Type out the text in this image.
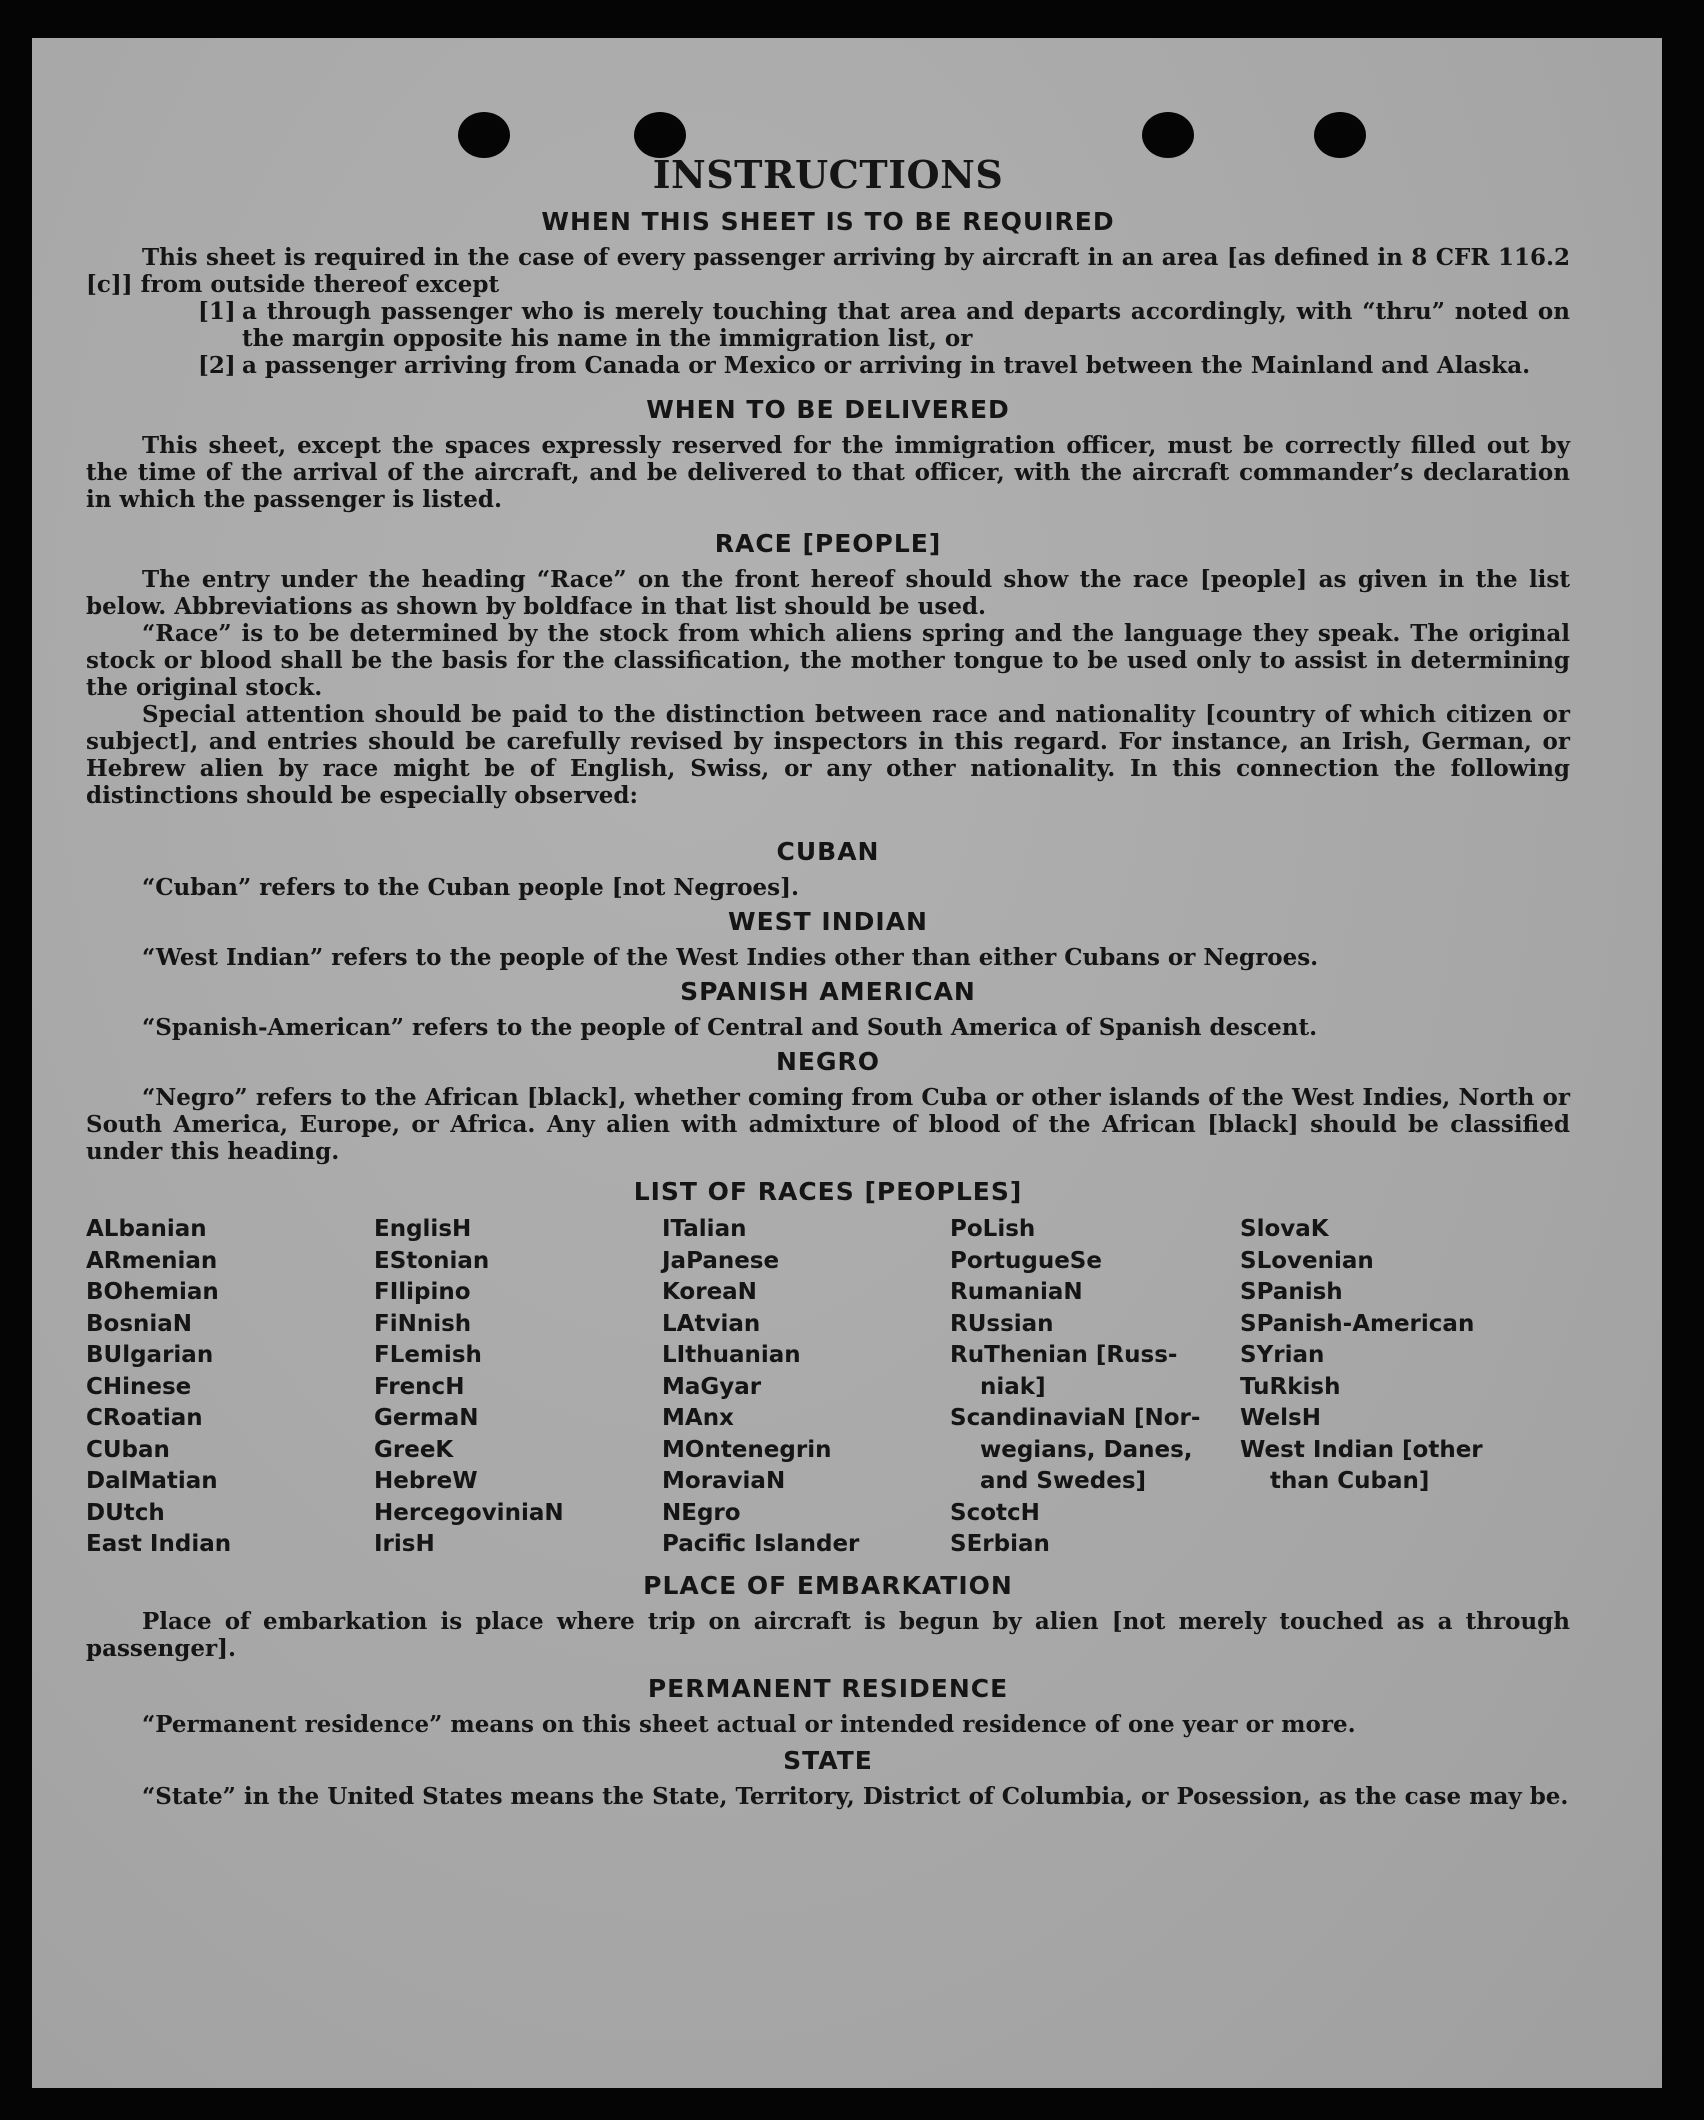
INSTRUCTIONS
WHEN THIS SHEET IS TO BE REQUIRED

This sheet is required in the case of every passenger arriving by aircraft in an area [as defined in 8 CFR 116.2 [c]] from outside thereof except

[1] a through passenger who is merely touching that area and departs accordingly, with “thru” noted on the margin opposite his name in the immigration list, or
[2] a passenger arriving from Canada or Mexico or arriving in travel between the Mainland and Alaska.
WHEN TO BE DELIVERED

This sheet, except the spaces expressly reserved for the immigration officer, must be correctly filled out by the time of the arrival of the aircraft, and be delivered to that officer, with the aircraft commander’s declaration in which the passenger is listed.

RACE [PEOPLE]

The entry under the heading “Race” on the front hereof should show the race [people] as given in the list below. Abbreviations as shown by boldface in that list should be used.

“Race” is to be determined by the stock from which aliens spring and the language they speak. The original stock or blood shall be the basis for the classification, the mother tongue to be used only to assist in determining the original stock.

Special attention should be paid to the distinction between race and nationality [country of which citizen or subject], and entries should be carefully revised by inspectors in this regard. For instance, an Irish, German, or Hebrew alien by race might be of English, Swiss, or any other nationality. In this connection the following distinctions should be especially observed:

CUBAN

“Cuban” refers to the Cuban people [not Negroes].

WEST INDIAN

“West Indian” refers to the people of the West Indies other than either Cubans or Negroes.

SPANISH AMERICAN

“Spanish-American” refers to the people of Central and South America of Spanish descent.

NEGRO

“Negro” refers to the African [black], whether coming from Cuba or other islands of the West Indies, North or South America, Europe, or Africa. Any alien with admixture of blood of the African [black] should be classified under this heading.

LIST OF RACES [PEOPLES]
ALbanian	EnglisH	ITalian	PoLish	SlovaK
ARmenian	EStonian	JaPanese	PortugueSe	SLovenian
BOhemian	FIlipino	KoreaN	RumaniaN	SPanish
BosniaN	FiNnish	LAtvian	RUssian	SPanish-American
BUlgarian	FLemish	LIthuanian	RuThenian [Russ-	SYrian
CHinese	FrencH	MaGyar	niak]	TuRkish
CRoatian	GermaN	MAnx	ScandinaviaN [Nor-	WelsH
CUban	GreeK	MOntenegrin	wegians, Danes,	West Indian [other
DalMatian	HebreW	MoraviaN	and Swedes]	than Cuban]
DUtch	HercegoviniaN	NEgro	ScotcH
East Indian	IrisH	Pacific Islander	SErbian
PLACE OF EMBARKATION

Place of embarkation is place where trip on aircraft is begun by alien [not merely touched as a through passenger].

PERMANENT RESIDENCE

“Permanent residence” means on this sheet actual or intended residence of one year or more.

STATE

“State” in the United States means the State, Territory, District of Columbia, or Posession, as the case may be.
